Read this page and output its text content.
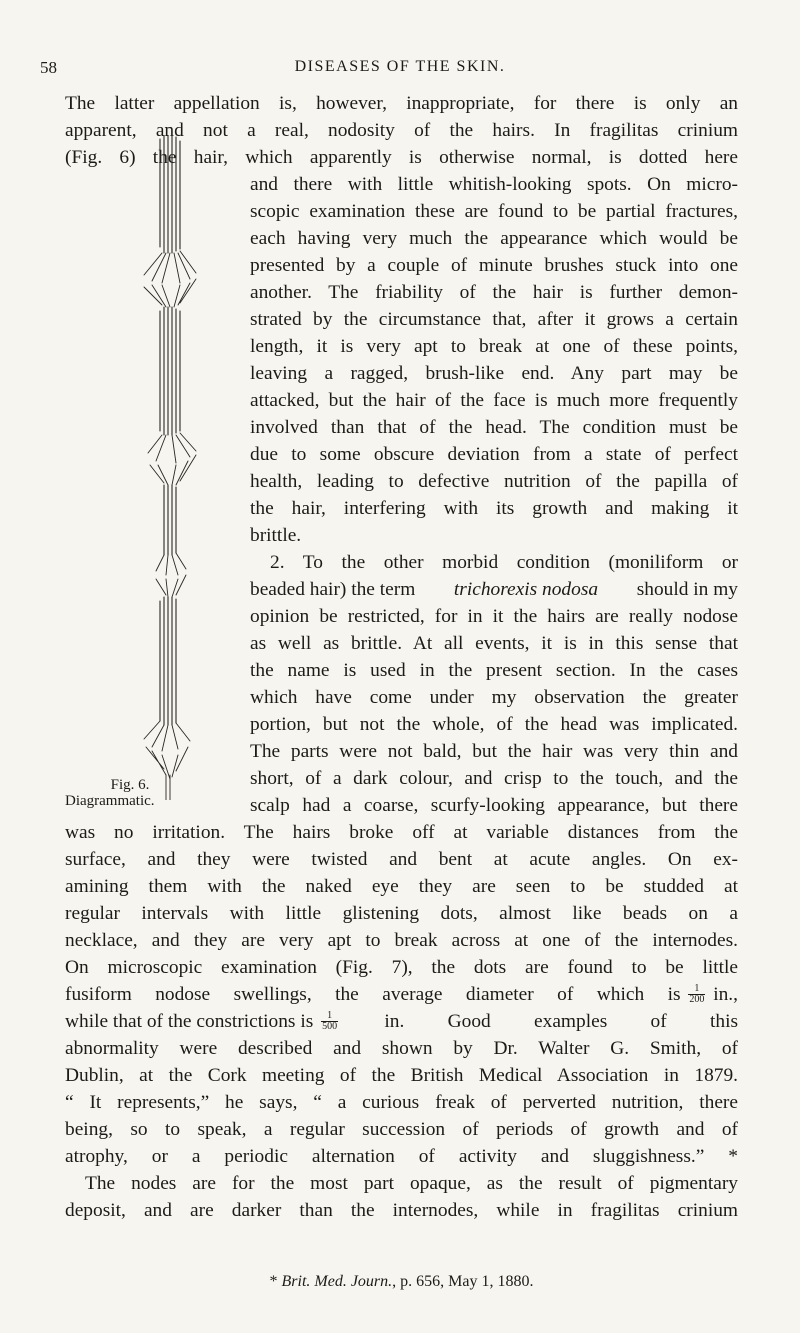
58	DISEASES OF THE SKIN.
The latter appellation is, however, inappropriate, for there is only an
apparent, and not a real, nodosity of the hairs. In fragilitas crinium
(Fig. 6) the hair, which apparently is otherwise normal, is dotted here
Fig. 6.
Diagrammatic.
and there with little whitish-looking spots. On micro-
scopic examination these are found to be partial fractures,
each having very much the appearance which would be
presented by a couple of minute brushes stuck into one
another. The friability of the hair is further demon-
strated by the circumstance that, after it grows a certain
length, it is very apt to break at one of these points,
leaving a ragged, brush-like end. Any part may be
attacked, but the hair of the face is much more frequently
involved than that of the head. The condition must be
due to some obscure deviation from a state of perfect
health, leading to defective nutrition of the papilla of
the hair, interfering with its growth and making it
brittle.
2. To the other morbid condition (moniliform or
beaded hair) the term trichorexis nodosa should in my
opinion be restricted, for in it the hairs are really nodose
as well as brittle. At all events, it is in this sense that
the name is used in the present section. In the cases
which have come under my observation the greater
portion, but not the whole, of the head was implicated.
The parts were not bald, but the hair was very thin and
short, of a dark colour, and crisp to the touch, and the
scalp had a coarse, scurfy-looking appearance, but there
was no irritation. The hairs broke off at variable distances from the
surface, and they were twisted and bent at acute angles. On ex-
amining them with the naked eye they are seen to be studded at
regular intervals with little glistening dots, almost like beads on a
necklace, and they are very apt to break across at one of the internodes.
On microscopic examination (Fig. 7), the dots are found to be little
fusiform nodose swellings, the average diameter of which is $\frac{1}{200}$ in.,
while that of the constrictions is $\frac{1}{500}$ in. Good examples of this
abnormality were described and shown by Dr. Walter G. Smith, of
Dublin, at the Cork meeting of the British Medical Association in 1879.
“ It represents,” he says, “ a curious freak of perverted nutrition, there
being, so to speak, a regular succession of periods of growth and of
atrophy, or a periodic alternation of activity and sluggishness.” *
The nodes are for the most part opaque, as the result of pigmentary
deposit, and are darker than the internodes, while in fragilitas crinium
* Brit. Med. Journ., p. 656, May 1, 1880.
